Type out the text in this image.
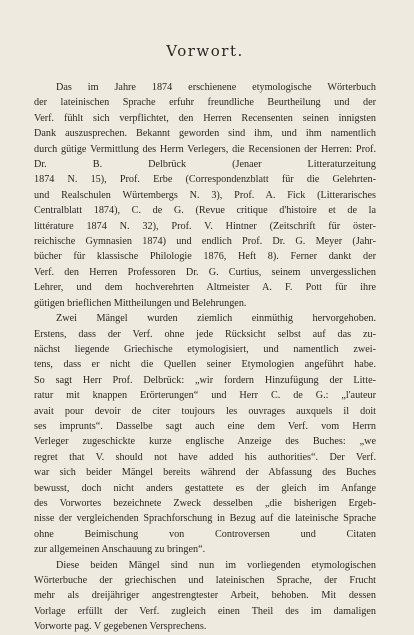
Vorwort.

Das im Jahre 1874 erschienene etymologische Wörterbuch
der lateinischen Sprache erfuhr freundliche Beurtheilung und der
Verf. fühlt sich verpflichtet, den Herren Recensenten seinen innigsten
Dank auszusprechen. Bekannt geworden sind ihm, und ihm namentlich
durch gütige Vermittlung des Herrn Verlegers, die Recensionen der Herren: Prof. Dr. B. Delbrück (Jenaer Litteraturzeitung
1874 N. 15), Prof. Erbe (Correspondenzblatt für die Gelehrten-
und Realschulen Würtembergs N. 3), Prof. A. Fick (Litterarisches
Centralblatt 1874), C. de G. (Revue critique d'histoire et de la
littérature 1874 N. 32), Prof. V. Hintner (Zeitschrift für öster-
reichische Gymnasien 1874) und endlich Prof. Dr. G. Meyer (Jahr-
bücher für klassische Philologie 1876, Heft 8). Ferner dankt der
Verf. den Herren Professoren Dr. G. Curtius, seinem unvergesslichen
Lehrer, und dem hochverehrten Altmeister A. F. Pott für ihre
gütigen brieflichen Mittheilungen und Belehrungen.

Zwei Mängel wurden ziemlich einmüthig hervorgehoben.
Erstens, dass der Verf. ohne jede Rücksicht selbst auf das zu-
nächst liegende Griechische etymologisiert, und namentlich zwei-
tens, dass er nicht die Quellen seiner Etymologien angeführt habe.
So sagt Herr Prof. Delbrück: „wir fordern Hinzufügung der Litte-
ratur mit knappen Erörterungen“ und Herr C. de G.: „l'auteur
avait pour devoir de citer toujours les ouvrages auxquels il doit
ses imprunts“. Dasselbe sagt auch eine dem Verf. vom Herrn
Verleger zugeschickte kurze englische Anzeige des Buches: „we
regret that V. should not have added his authorities“. Der Verf.
war sich beider Mängel bereits während der Abfassung des Buches
bewusst, doch nicht anders gestattete es der gleich im Anfange
des Vorwortes bezeichnete Zweck desselben „die bisherigen Ergeb-
nisse der vergleichenden Sprachforschung in Bezug auf die lateinische Sprache ohne Beimischung von Controversen und Citaten
zur allgemeinen Anschauung zu bringen“.

Diese beiden Mängel sind nun im vorliegenden etymologischen
Wörterbuche der griechischen und lateinischen Sprache, der Frucht
mehr als dreijähriger angestrengtester Arbeit, behoben. Mit dessen
Vorlage erfüllt der Verf. zugleich einen Theil des im damaligen
Vorworte pag. V gegebenen Versprechens.
